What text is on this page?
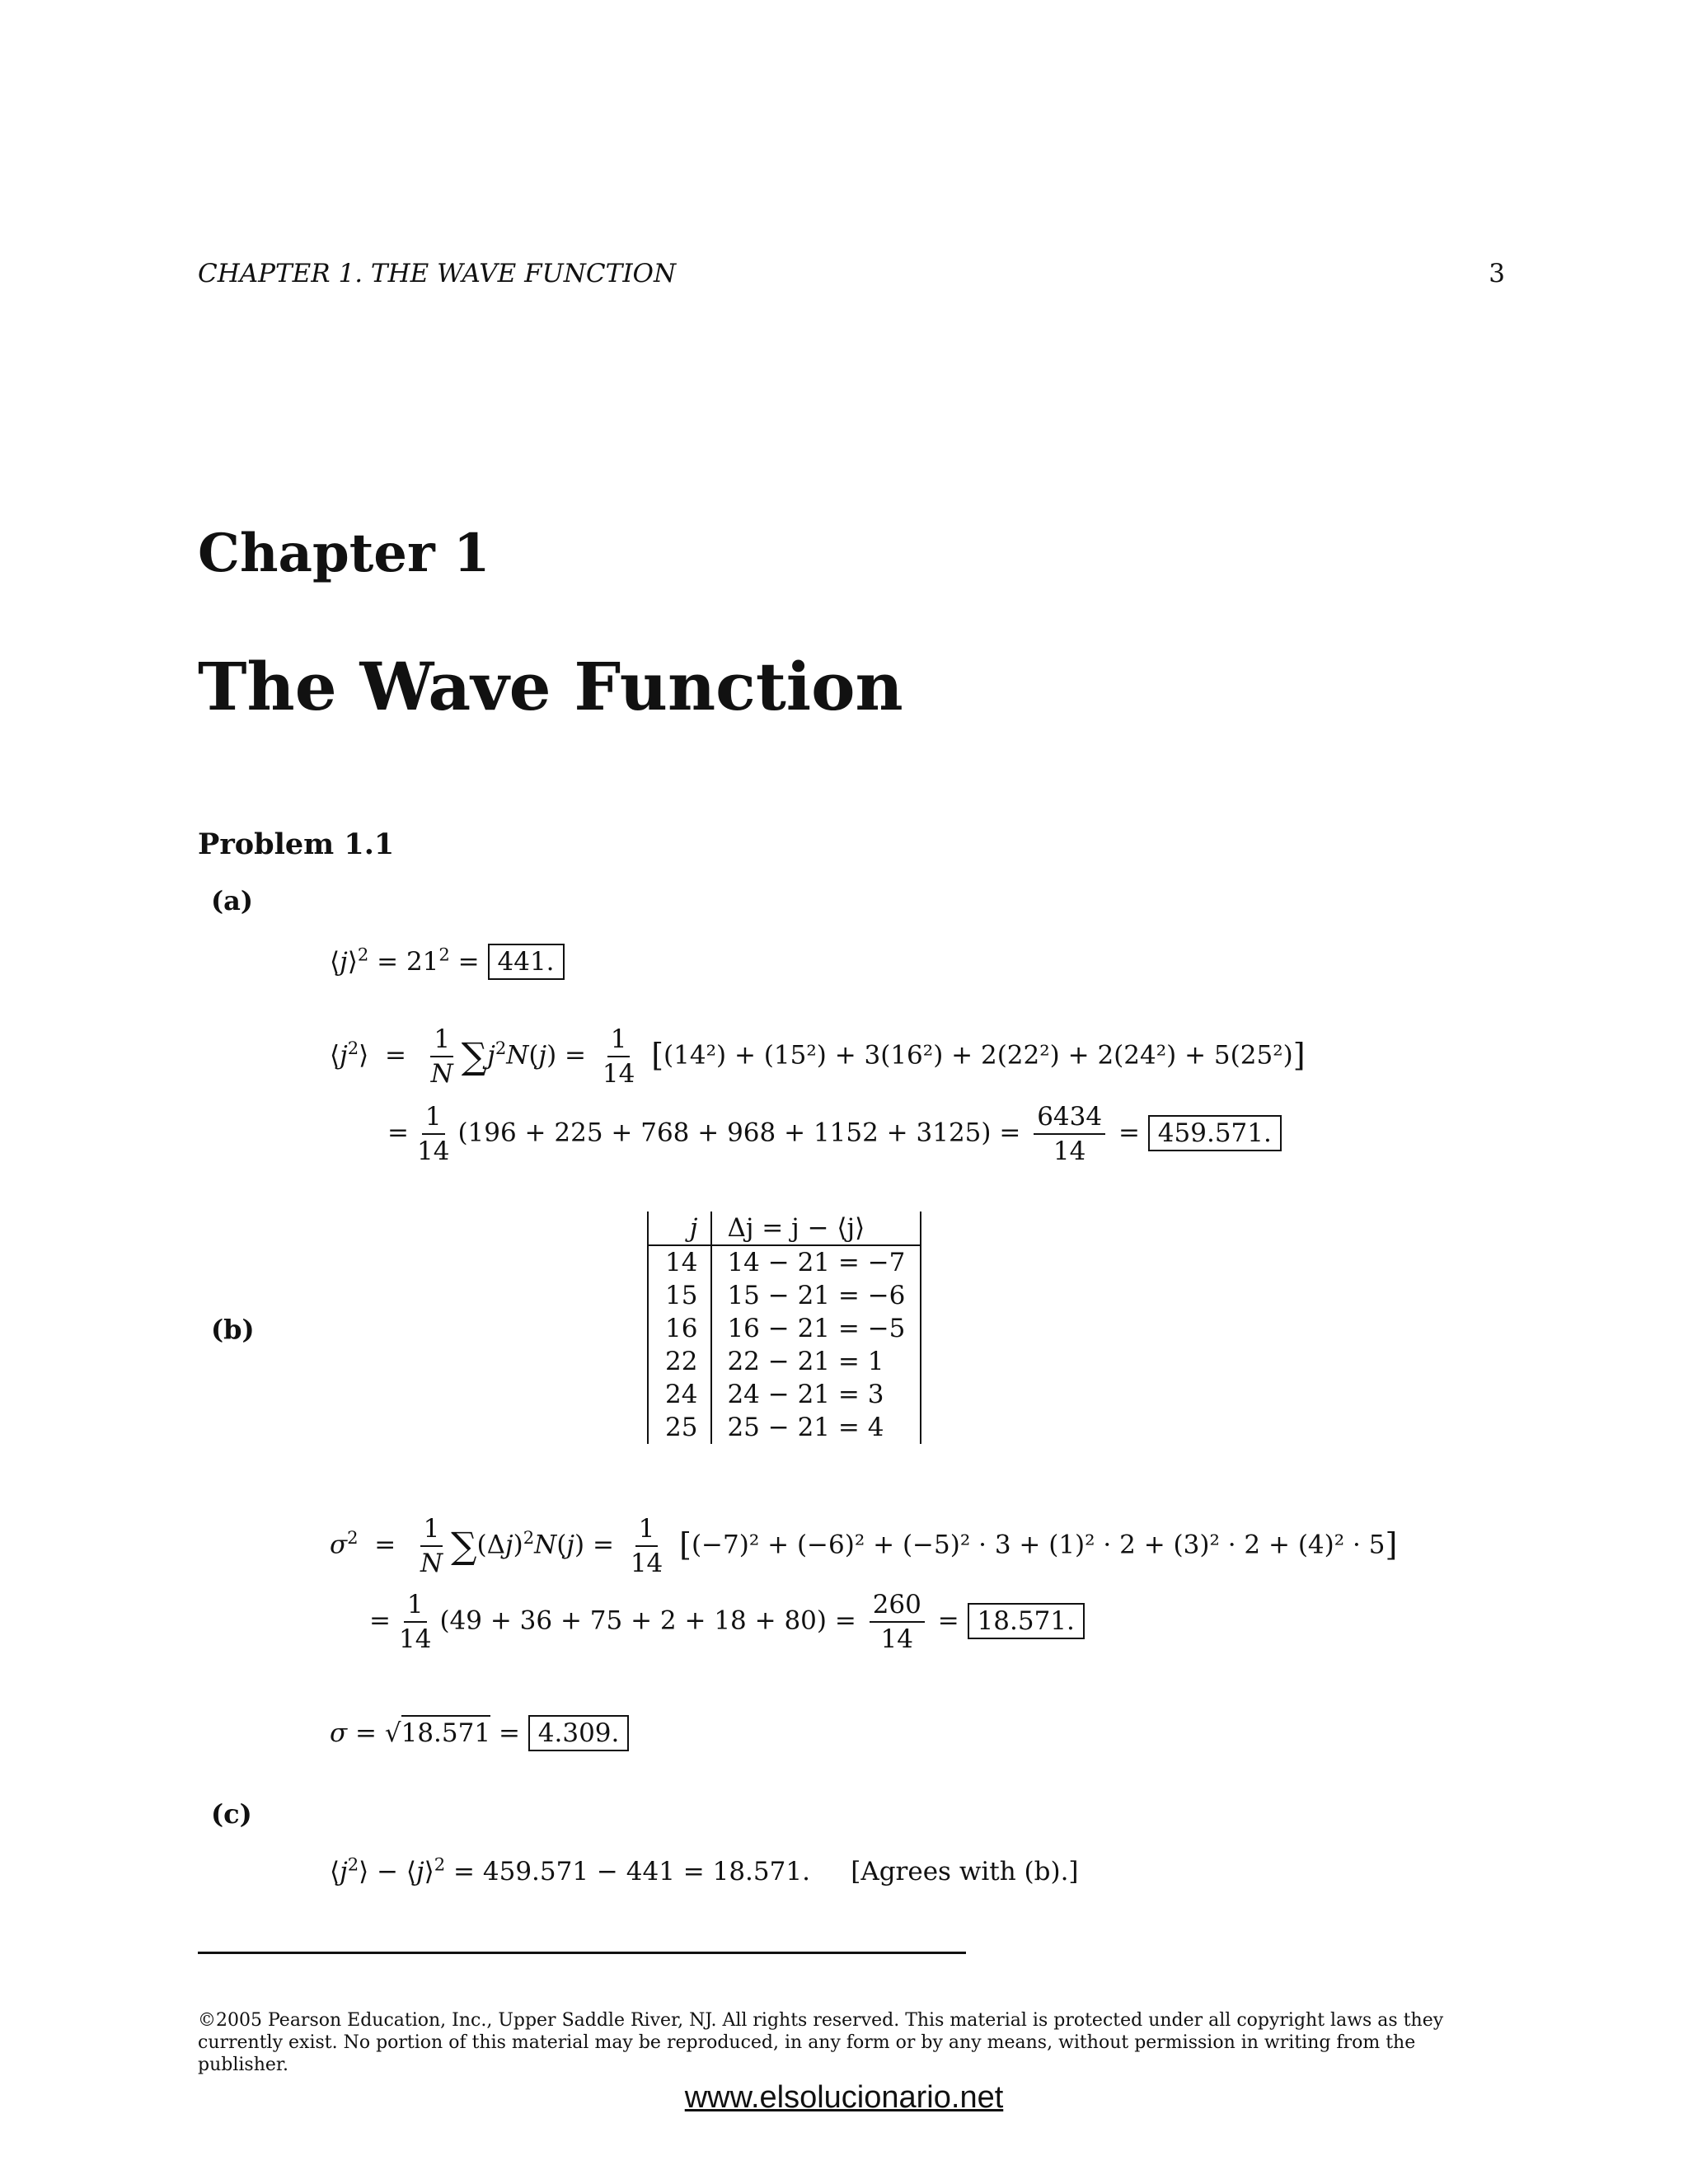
CHAPTER 1. THE WAVE FUNCTION	3
Chapter 1
The Wave Function
Problem 1.1
(a)
(b)
(c)
⟨j⟩$^2$ = $21^2 = 441$.
$⟨j^2⟩ = \frac{1}{N} \sum j^2N(j) = \frac{1}{14} [(14^2) + (15^2) + 3(16^2) + 2(22^2) + 2(24^2) + 5(25^2)]$
= $\frac{1}{14} (196 + 225 + 768 + 968 + 1152 + 3125) = \frac{6434}{14} = 459.571$.
j	Δj = j − ⟨j⟩
14	14 − 21 = −7
15	15 − 21 = −6
16	16 − 21 = −5
22	22 − 21 = 1
24	24 − 21 = 3
25	25 − 21 = 4
$\sigma^2 = \frac{1}{N} \sum(\Delta j)^2N(j) = \frac{1}{14} [(-7)^2 + (-6)^2 + (-5)^2 \cdot 3 + (1)^2 \cdot 2 + (3)^2 \cdot 2 + (4)^2 \cdot 5]$
= $\frac{1}{14} (49 + 36 + 75 + 2 + 18 + 80) = \frac{260}{14} = 18.571$.
σ = √18.571 = 4.309.
$⟨j^2⟩$ − ⟨j⟩$^2$ = 459.571 − 441 = 18.571. [Agrees with (b).]
©2005 Pearson Education, Inc., Upper Saddle River, NJ. All rights reserved. This material is protected under all copyright laws as they currently exist. No portion of this material may be reproduced, in any form or by any means, without permission in writing from the publisher.
www.elsolucionario.net
